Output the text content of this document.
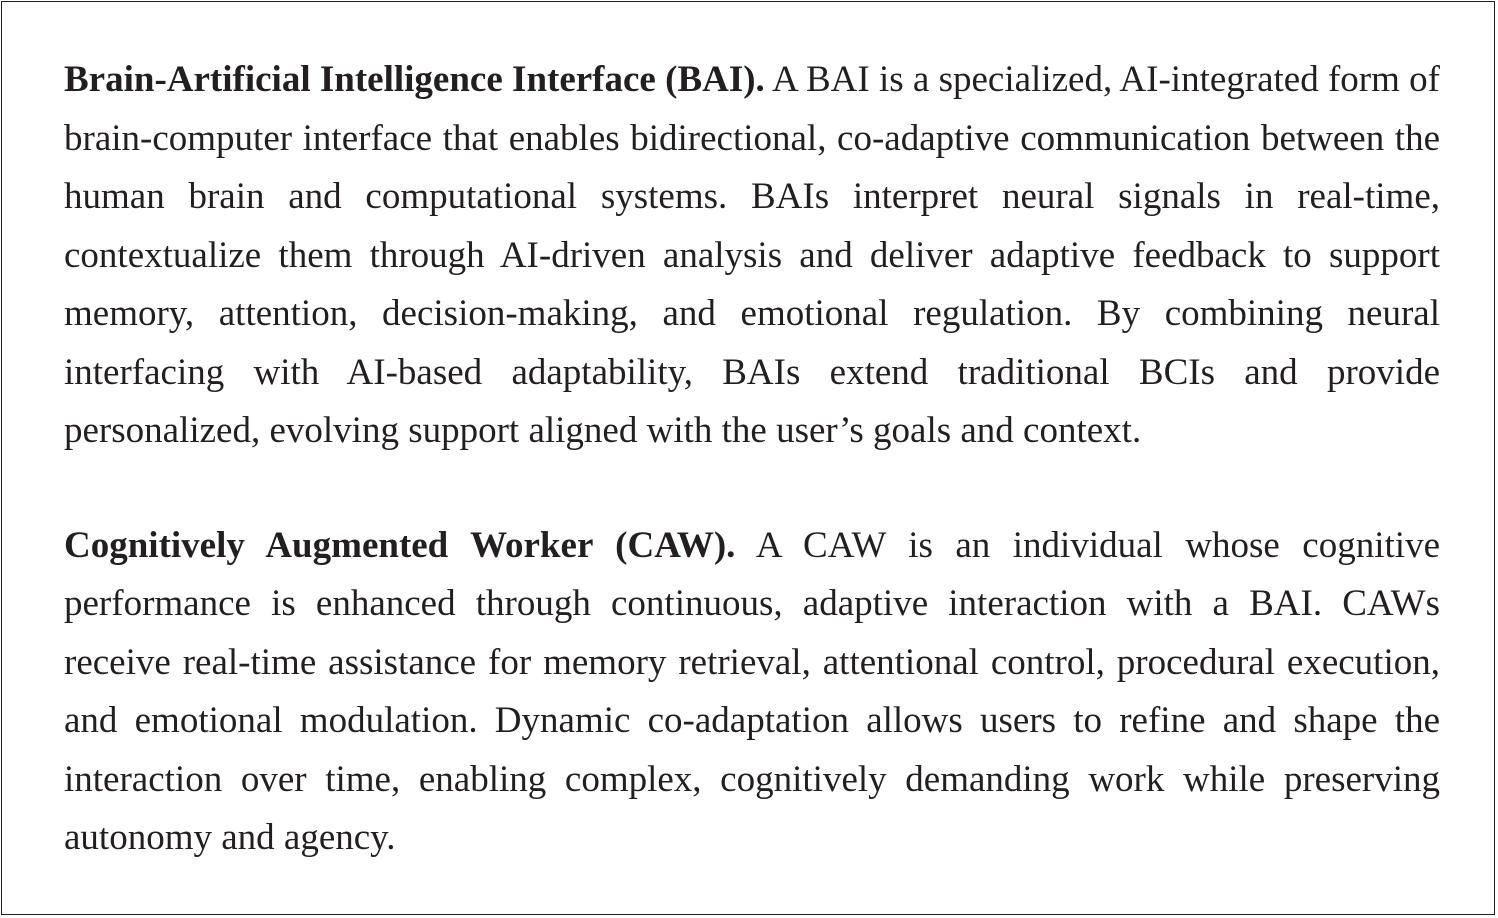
Brain-Artificial Intelligence Interface (BAI). A BAI is a specialized, AI-integrated form of brain-computer interface that enables bidirectional, co-adaptive communication between the human brain and computational systems. BAIs interpret neural signals in real-time, contextualize them through AI-driven analysis and deliver adaptive feedback to support memory, attention, decision-making, and emotional regulation. By combining neural interfacing with AI-based adaptability, BAIs extend traditional BCIs and provide personalized, evolving support aligned with the user’s goals and context.

Cognitively Augmented Worker (CAW). A CAW is an individual whose cognitive performance is enhanced through continuous, adaptive interaction with a BAI. CAWs receive real-time assistance for memory retrieval, attentional control, procedural execution, and emotional modulation. Dynamic co-adaptation allows users to refine and shape the interaction over time, enabling complex, cognitively demanding work while preserving autonomy and agency.
